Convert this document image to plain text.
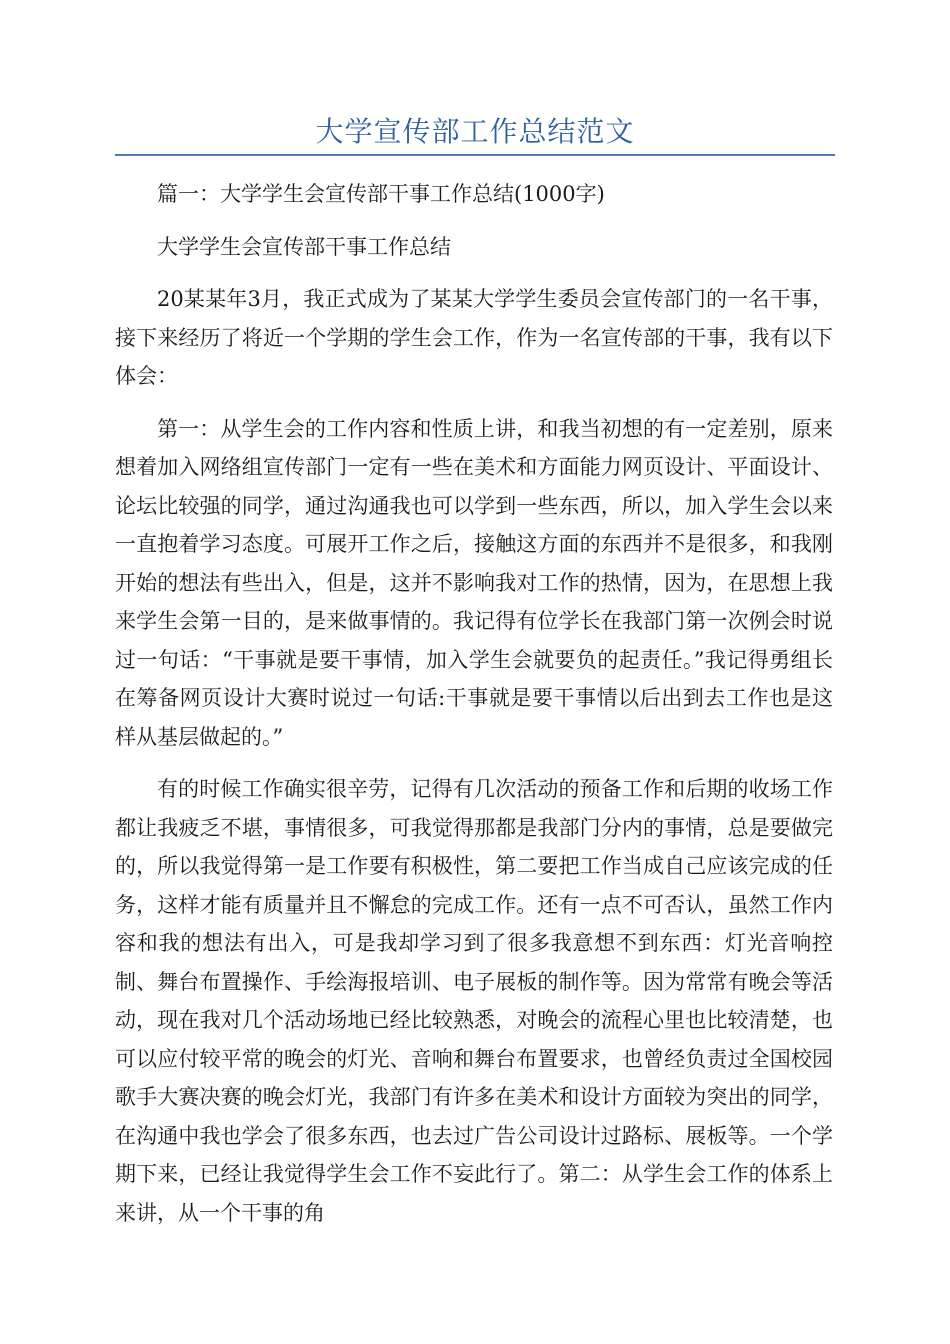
大学宣传部工作总结范文

篇一：大学学生会宣传部干事工作总结(1000字)

大学学生会宣传部干事工作总结

20某某年3月，我正式成为了某某大学学生委员会宣传部门的一名干事，接下来经历了将近一个学期的学生会工作，作为一名宣传部的干事，我有以下体会：

第一：从学生会的工作内容和性质上讲，和我当初想的有一定差别，原来想着加入网络组宣传部门一定有一些在美术和方面能力网页设计、平面设计、论坛比较强的同学，通过沟通我也可以学到一些东西，所以，加入学生会以来一直抱着学习态度。可展开工作之后，接触这方面的东西并不是很多，和我刚开始的想法有些出入，但是，这并不影响我对工作的热情，因为，在思想上我来学生会第一目的，是来做事情的。我记得有位学长在我部门第一次例会时说过一句话：“干事就是要干事情，加入学生会就要负的起责任。”我记得勇组长在筹备网页设计大赛时说过一句话:干事就是要干事情以后出到去工作也是这样从基层做起的。”

有的时候工作确实很辛劳，记得有几次活动的预备工作和后期的收场工作都让我疲乏不堪，事情很多，可我觉得那都是我部门分内的事情，总是要做完的，所以我觉得第一是工作要有积极性，第二要把工作当成自己应该完成的任务，这样才能有质量并且不懈怠的完成工作。还有一点不可否认，虽然工作内容和我的想法有出入，可是我却学习到了很多我意想不到东西：灯光音响控制、舞台布置操作、手绘海报培训、电子展板的制作等。因为常常有晚会等活动，现在我对几个活动场地已经比较熟悉，对晚会的流程心里也比较清楚，也可以应付较平常的晚会的灯光、音响和舞台布置要求，也曾经负责过全国校园歌手大赛决赛的晚会灯光，我部门有许多在美术和设计方面较为突出的同学，在沟通中我也学会了很多东西，也去过广告公司设计过路标、展板等。一个学期下来，已经让我觉得学生会工作不妄此行了。第二：从学生会工作的体系上来讲，从一个干事的角
